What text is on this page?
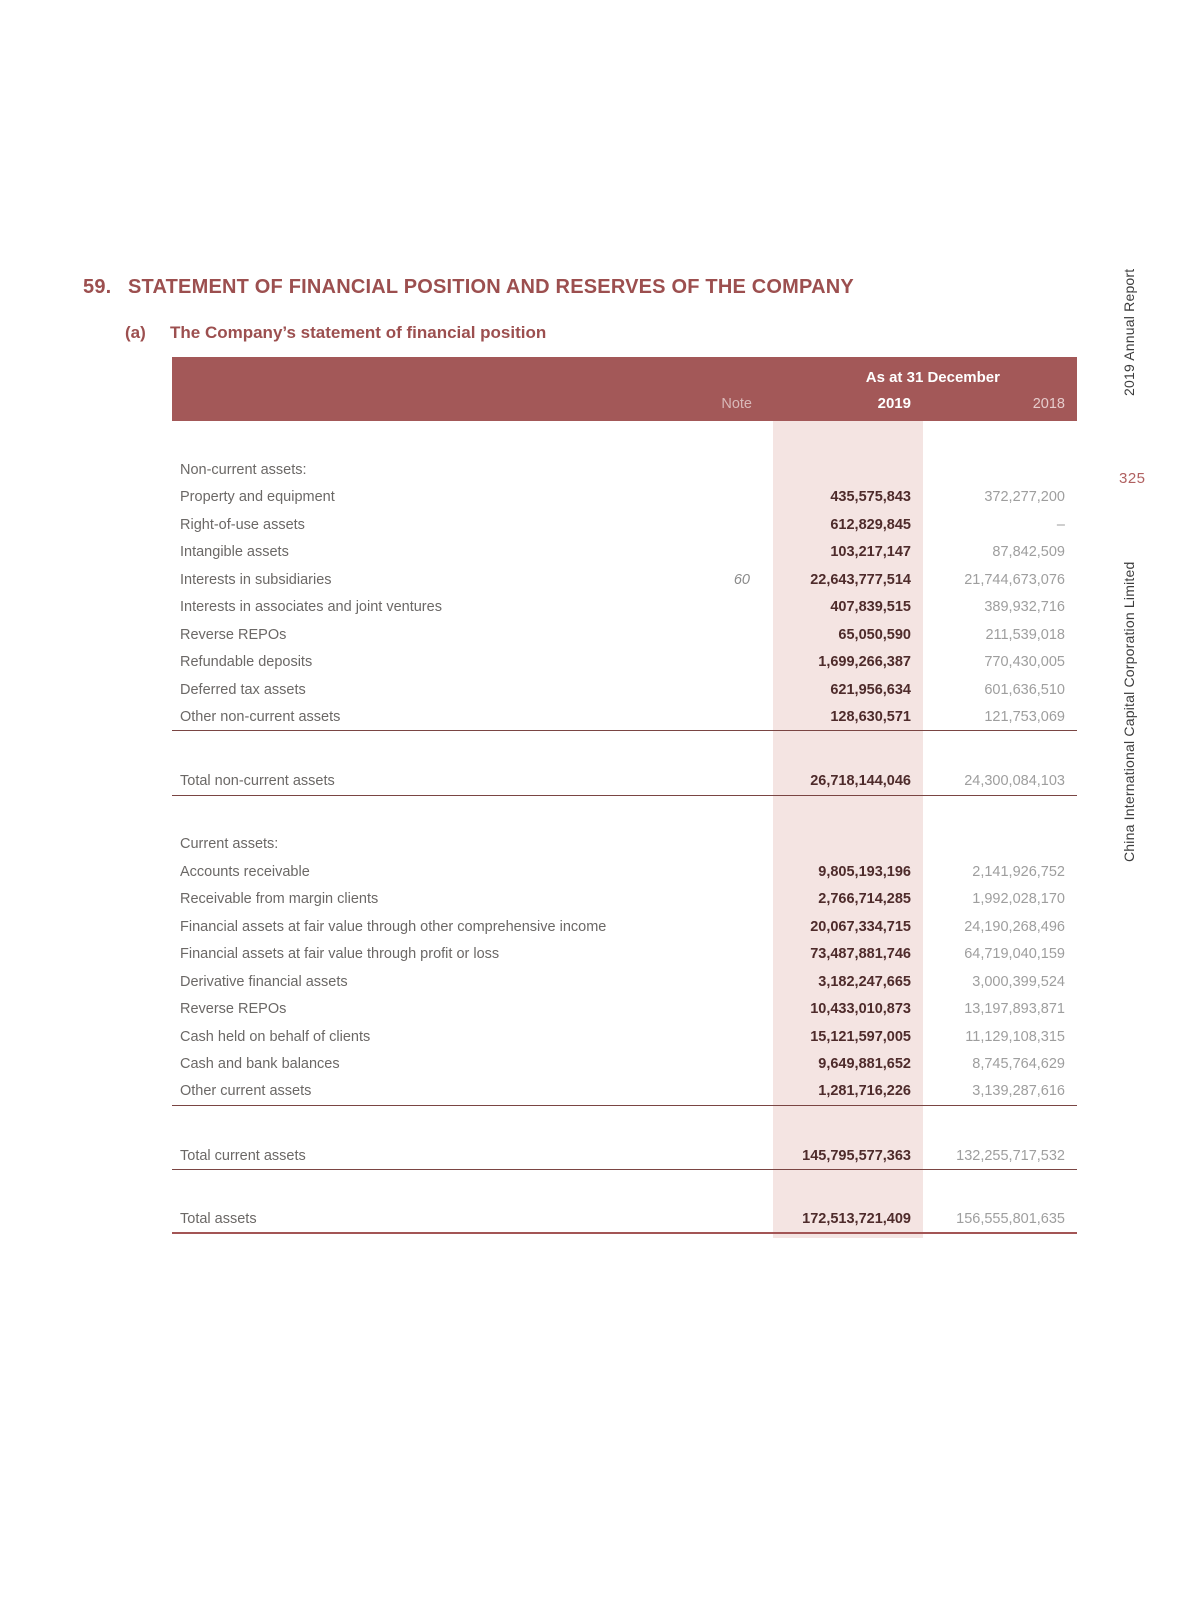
59. STATEMENT OF FINANCIAL POSITION AND RESERVES OF THE COMPANY
(a)	The Company’s statement of financial position
As at 31 December
Note	2019	2018
Non-current assets:
Property and equipment	435,575,843	372,277,200
Right-of-use assets	612,829,845	–
Intangible assets	103,217,147	87,842,509
Interests in subsidiaries	60	22,643,777,514	21,744,673,076
Interests in associates and joint ventures	407,839,515	389,932,716
Reverse REPOs	65,050,590	211,539,018
Refundable deposits	1,699,266,387	770,430,005
Deferred tax assets	621,956,634	601,636,510
Other non-current assets	128,630,571	121,753,069
Total non-current assets	26,718,144,046	24,300,084,103
Current assets:
Accounts receivable	9,805,193,196	2,141,926,752
Receivable from margin clients	2,766,714,285	1,992,028,170
Financial assets at fair value through other comprehensive income	20,067,334,715	24,190,268,496
Financial assets at fair value through profit or loss	73,487,881,746	64,719,040,159
Derivative financial assets	3,182,247,665	3,000,399,524
Reverse REPOs	10,433,010,873	13,197,893,871
Cash held on behalf of clients	15,121,597,005	11,129,108,315
Cash and bank balances	9,649,881,652	8,745,764,629
Other current assets	1,281,716,226	3,139,287,616
Total current assets	145,795,577,363	132,255,717,532
Total assets	172,513,721,409	156,555,801,635
2019 Annual Report
325
China International Capital Corporation Limited
